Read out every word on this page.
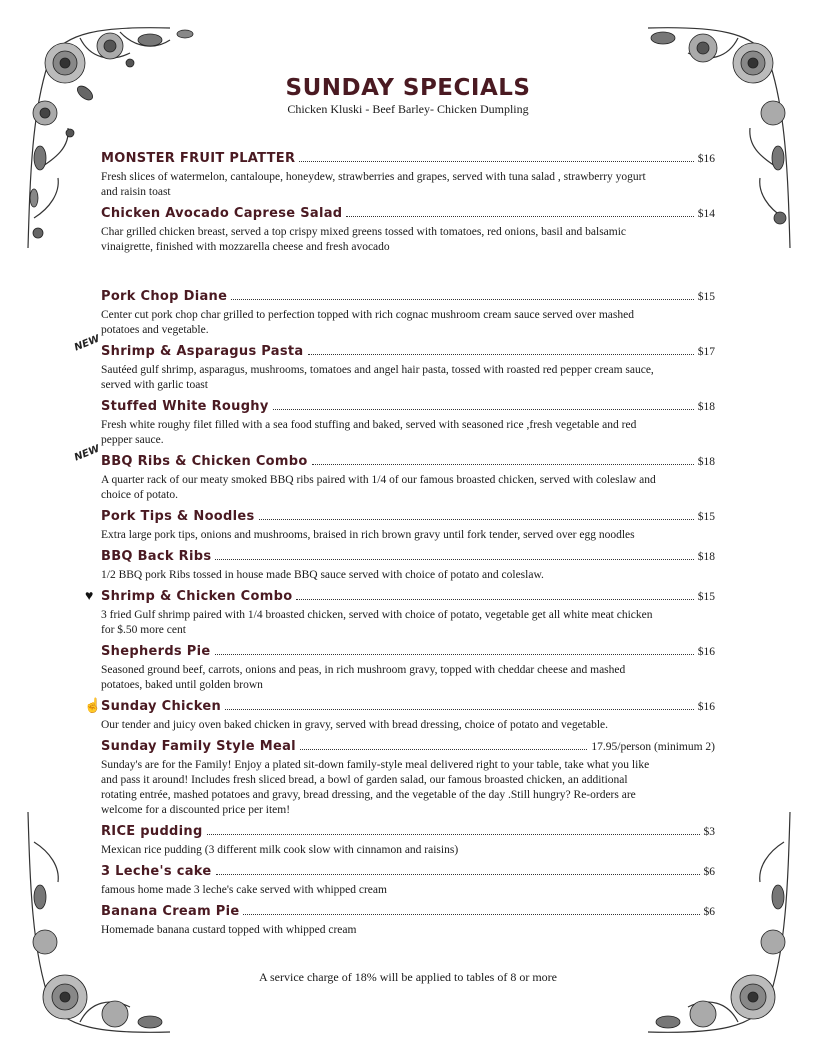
SUNDAY SPECIALS
Chicken Kluski - Beef Barley- Chicken Dumpling
MONSTER FRUIT PLATTER	$16
Fresh slices of watermelon, cantaloupe, honeydew, strawberries and grapes, served with tuna salad , strawberry yogurt and raisin toast
Chicken Avocado Caprese Salad	$14
Char grilled chicken breast, served a top crispy mixed greens tossed with tomatoes, red onions, basil and balsamic vinaigrette, finished with mozzarella cheese and fresh avocado
Pork Chop Diane	$15
Center cut pork chop char grilled to perfection topped with rich cognac mushroom cream sauce served over mashed potatoes and vegetable.
NEW Shrimp & Asparagus Pasta	$17
Sautéed gulf shrimp, asparagus, mushrooms, tomatoes and angel hair pasta, tossed with roasted red pepper cream sauce, served with garlic toast
Stuffed White Roughy	$18
Fresh white roughy filet filled with a sea food stuffing and baked, served with seasoned rice ,fresh vegetable and red pepper sauce.
NEW BBQ Ribs & Chicken Combo	$18
A quarter rack of our meaty smoked BBQ ribs paired with 1/4 of our famous broasted chicken, served with coleslaw and choice of potato.
Pork Tips & Noodles	$15
Extra large pork tips, onions and mushrooms, braised in rich brown gravy until fork tender, served over egg noodles
BBQ Back Ribs	$18
1/2 BBQ pork Ribs tossed in house made BBQ sauce served with choice of potato and coleslaw.
♥ Shrimp & Chicken Combo	$15
3 fried Gulf shrimp paired with 1/4 broasted chicken, served with choice of potato, vegetable get all white meat chicken for $.50 more cent
Shepherds Pie	$16
Seasoned ground beef, carrots, onions and peas, in rich mushroom gravy, topped with cheddar cheese and mashed potatoes, baked until golden brown
☝ Sunday Chicken	$16
Our tender and juicy oven baked chicken in gravy, served with bread dressing, choice of potato and vegetable.
Sunday Family Style Meal	17.95/person (minimum 2)
Sunday's are for the Family! Enjoy a plated sit-down family-style meal delivered right to your table, take what you like and pass it around! Includes fresh sliced bread, a bowl of garden salad, our famous broasted chicken, an additional rotating entrée, mashed potatoes and gravy, bread dressing, and the vegetable of the day .Still hungry? Re-orders are welcome for a discounted price per item!
RICE pudding	$3
Mexican rice pudding (3 different milk cook slow with cinnamon and raisins)
3 Leche's cake	$6
famous home made 3 leche's cake served with whipped cream
Banana Cream Pie	$6
Homemade banana custard topped with whipped cream
A service charge of 18% will be applied to tables of 8 or more
